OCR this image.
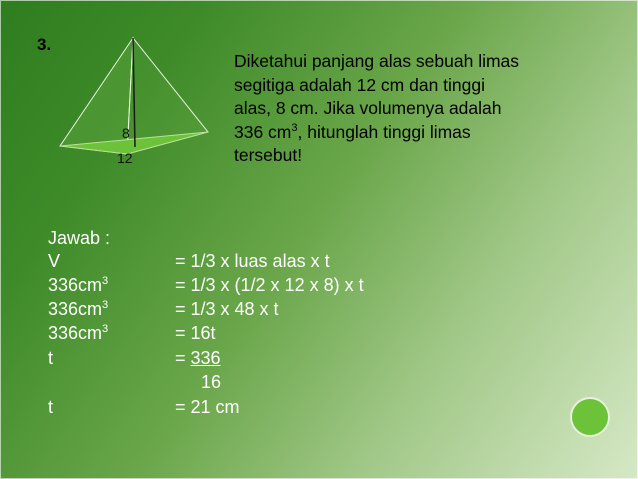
3.
8
12
Diketahui panjang alas sebuah limas
segitiga adalah 12 cm dan tinggi
alas, 8 cm. Jika volumenya adalah
336 $cm^3$, hitunglah tinggi limas
tersebut!
Jawab :
V	= 1/3 x luas alas x t
$336cm^3$	= 1/3 x (1/2 x 12 x 8) x t
$336cm^3$	= 1/3 x 48 x t
$336cm^3$	= 16t
t	= 336
16
t	= 21 cm
